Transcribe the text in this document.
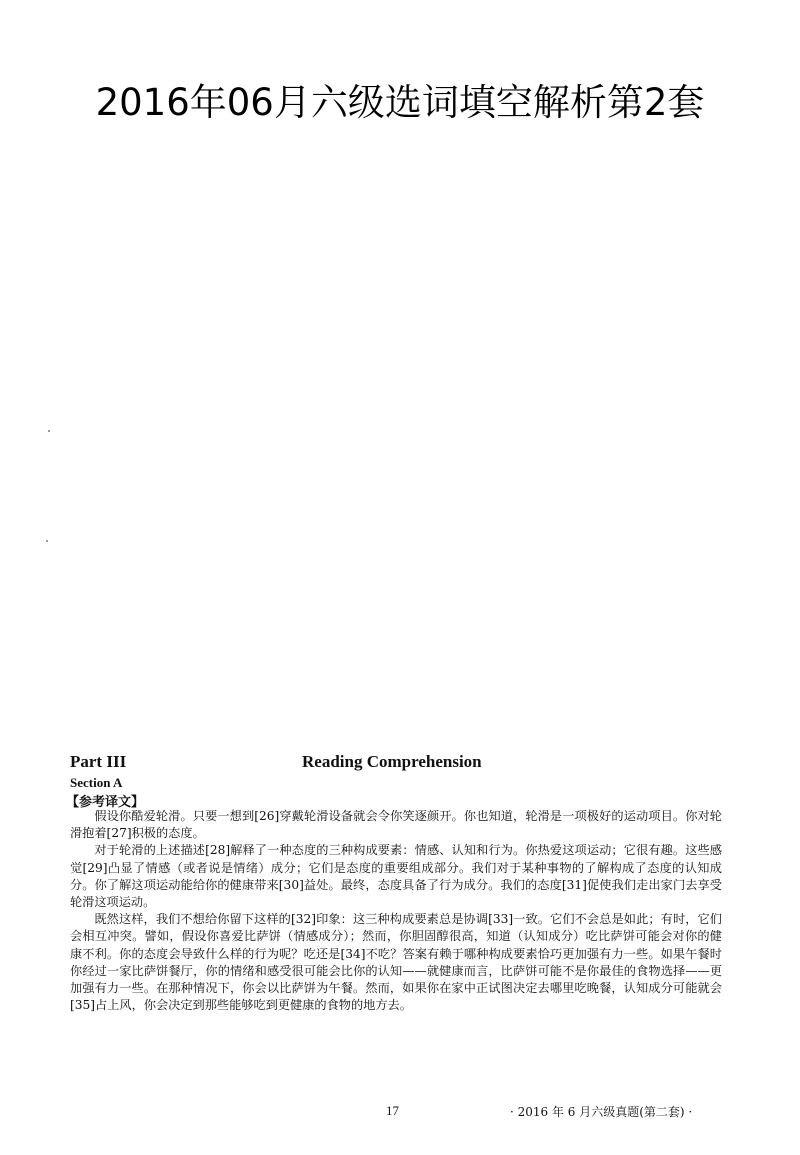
2016年06月六级选词填空解析第2套
Part III	Reading Comprehension
Section A
【参考译文】

假设你酷爱轮滑。只要一想到[26]穿戴轮滑设备就会令你笑逐颜开。你也知道，轮滑是一项极好的运动项目。你对轮滑抱着[27]积极的态度。

对于轮滑的上述描述[28]解释了一种态度的三种构成要素：情感、认知和行为。你热爱这项运动；它很有趣。这些感觉[29]凸显了情感（或者说是情绪）成分；它们是态度的重要组成部分。我们对于某种事物的了解构成了态度的认知成分。你了解这项运动能给你的健康带来[30]益处。最终，态度具备了行为成分。我们的态度[31]促使我们走出家门去享受轮滑这项运动。

既然这样，我们不想给你留下这样的[32]印象：这三种构成要素总是协调[33]一致。它们不会总是如此；有时，它们会相互冲突。譬如，假设你喜爱比萨饼（情感成分）；然而，你胆固醇很高，知道（认知成分）吃比萨饼可能会对你的健康不利。你的态度会导致什么样的行为呢？吃还是[34]不吃？答案有赖于哪种构成要素恰巧更加强有力一些。如果午餐时你经过一家比萨饼餐厅，你的情绪和感受很可能会比你的认知——就健康而言，比萨饼可能不是你最佳的食物选择——更加强有力一些。在那种情况下，你会以比萨饼为午餐。然而，如果你在家中正试图决定去哪里吃晚餐，认知成分可能就会[35]占上风，你会决定到那些能够吃到更健康的食物的地方去。

17	· 2016 年 6 月六级真题(第二套) ·
